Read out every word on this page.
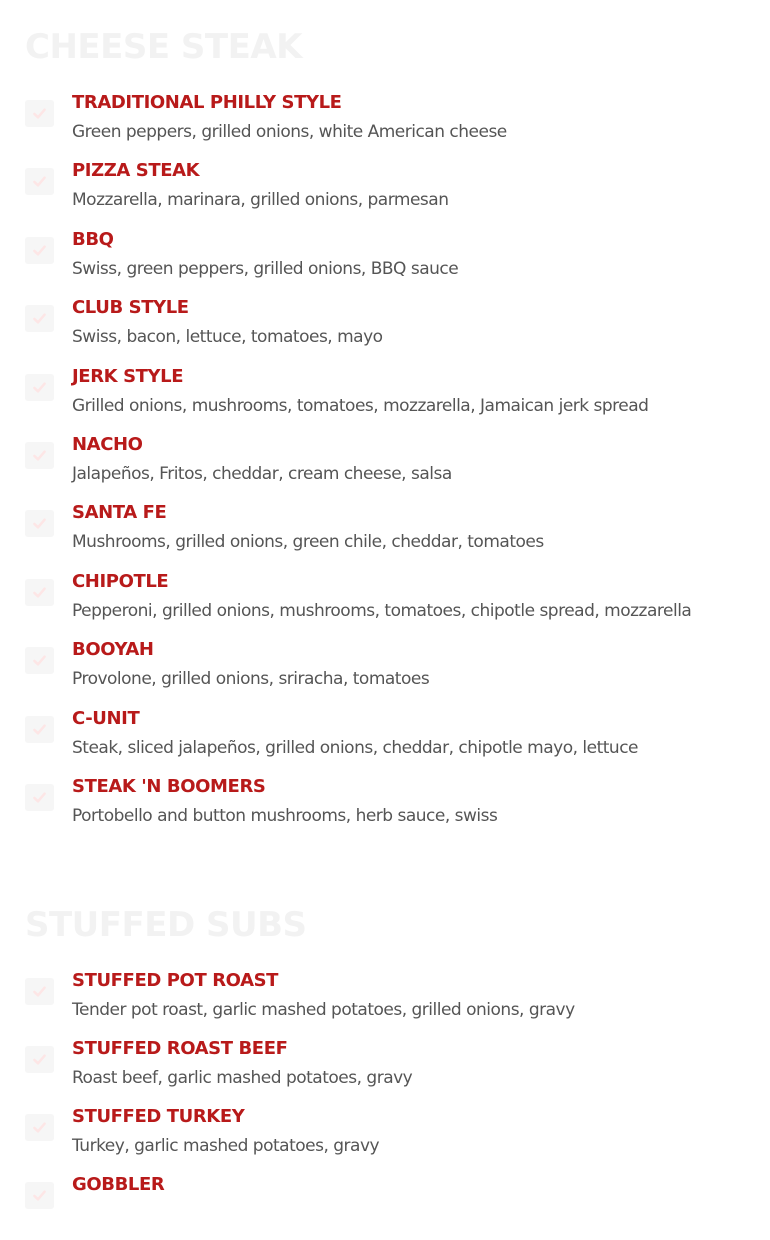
CHEESE STEAK
TRADITIONAL PHILLY STYLE
Green peppers, grilled onions, white American cheese
PIZZA STEAK
Mozzarella, marinara, grilled onions, parmesan
BBQ
Swiss, green peppers, grilled onions, BBQ sauce
CLUB STYLE
Swiss, bacon, lettuce, tomatoes, mayo
JERK STYLE
Grilled onions, mushrooms, tomatoes, mozzarella, Jamaican jerk spread
NACHO
Jalapeños, Fritos, cheddar, cream cheese, salsa
SANTA FE
Mushrooms, grilled onions, green chile, cheddar, tomatoes
CHIPOTLE
Pepperoni, grilled onions, mushrooms, tomatoes, chipotle spread, mozzarella
BOOYAH
Provolone, grilled onions, sriracha, tomatoes
C-UNIT
Steak, sliced jalapeños, grilled onions, cheddar, chipotle mayo, lettuce
STEAK 'N BOOMERS
Portobello and button mushrooms, herb sauce, swiss
STUFFED SUBS
STUFFED POT ROAST
Tender pot roast, garlic mashed potatoes, grilled onions, gravy
STUFFED ROAST BEEF
Roast beef, garlic mashed potatoes, gravy
STUFFED TURKEY
Turkey, garlic mashed potatoes, gravy
GOBBLER
